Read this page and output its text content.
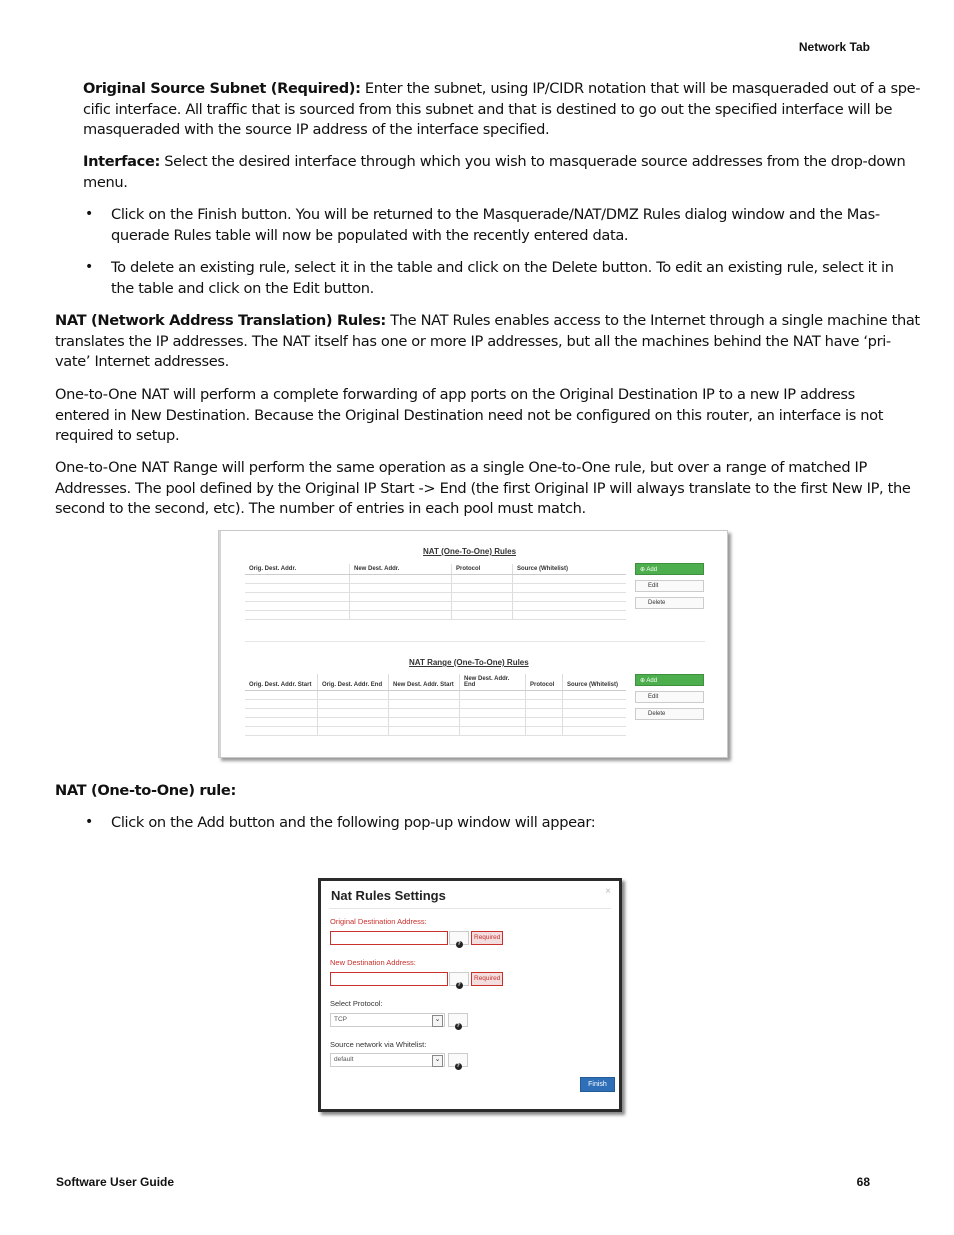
Network Tab
Original Source Subnet (Required): Enter the subnet, using IP/CIDR notation that will be masqueraded out of a spe-
cific interface. All traffic that is sourced from this subnet and that is destined to go out the specified interface will be
masqueraded with the source IP address of the interface specified.
Interface: Select the desired interface through which you wish to masquerade source addresses from the drop-down
menu.
• Click on the Finish button. You will be returned to the Masquerade/NAT/DMZ Rules dialog window and the Mas-
querade Rules table will now be populated with the recently entered data.
• To delete an existing rule, select it in the table and click on the Delete button. To edit an existing rule, select it in
the table and click on the Edit button.
NAT (Network Address Translation) Rules: The NAT Rules enables access to the Internet through a single machine that
translates the IP addresses. The NAT itself has one or more IP addresses, but all the machines behind the NAT have ‘pri-
vate’ Internet addresses.
One-to-One NAT will perform a complete forwarding of app ports on the Original Destination IP to a new IP address
entered in New Destination. Because the Original Destination need not be configured on this router, an interface is not
required to setup.
One-to-One NAT Range will perform the same operation as a single One-to-One rule, but over a range of matched IP
Addresses. The pool defined by the Original IP Start -> End (the first Original IP will always translate to the first New IP, the
second to the second, etc). The number of entries in each pool must match.
NAT (One-To-One) Rules
Orig. Dest. Addr.	New Dest. Addr.	Protocol	Source (Whitelist)

				⊕ Add
Edit
Delete
NAT Range (One-To-One) Rules
Orig. Dest. Addr. Start	Orig. Dest. Addr. End	New Dest. Addr. Start	New Dest. Addr. End	Protocol	Source (Whitelist)

⊕ Add
Edit
Delete
NAT (One-to-One) rule:
• Click on the Add button and the following pop-up window will appear:
Nat Rules Settings	×
Original Destination Address:
?
Required
New Destination Address:
?
Required
Select Protocol:
TCP	⌄
?
Source network via Whitelist:
default	⌄
?
Finish
Software User Guide	68
